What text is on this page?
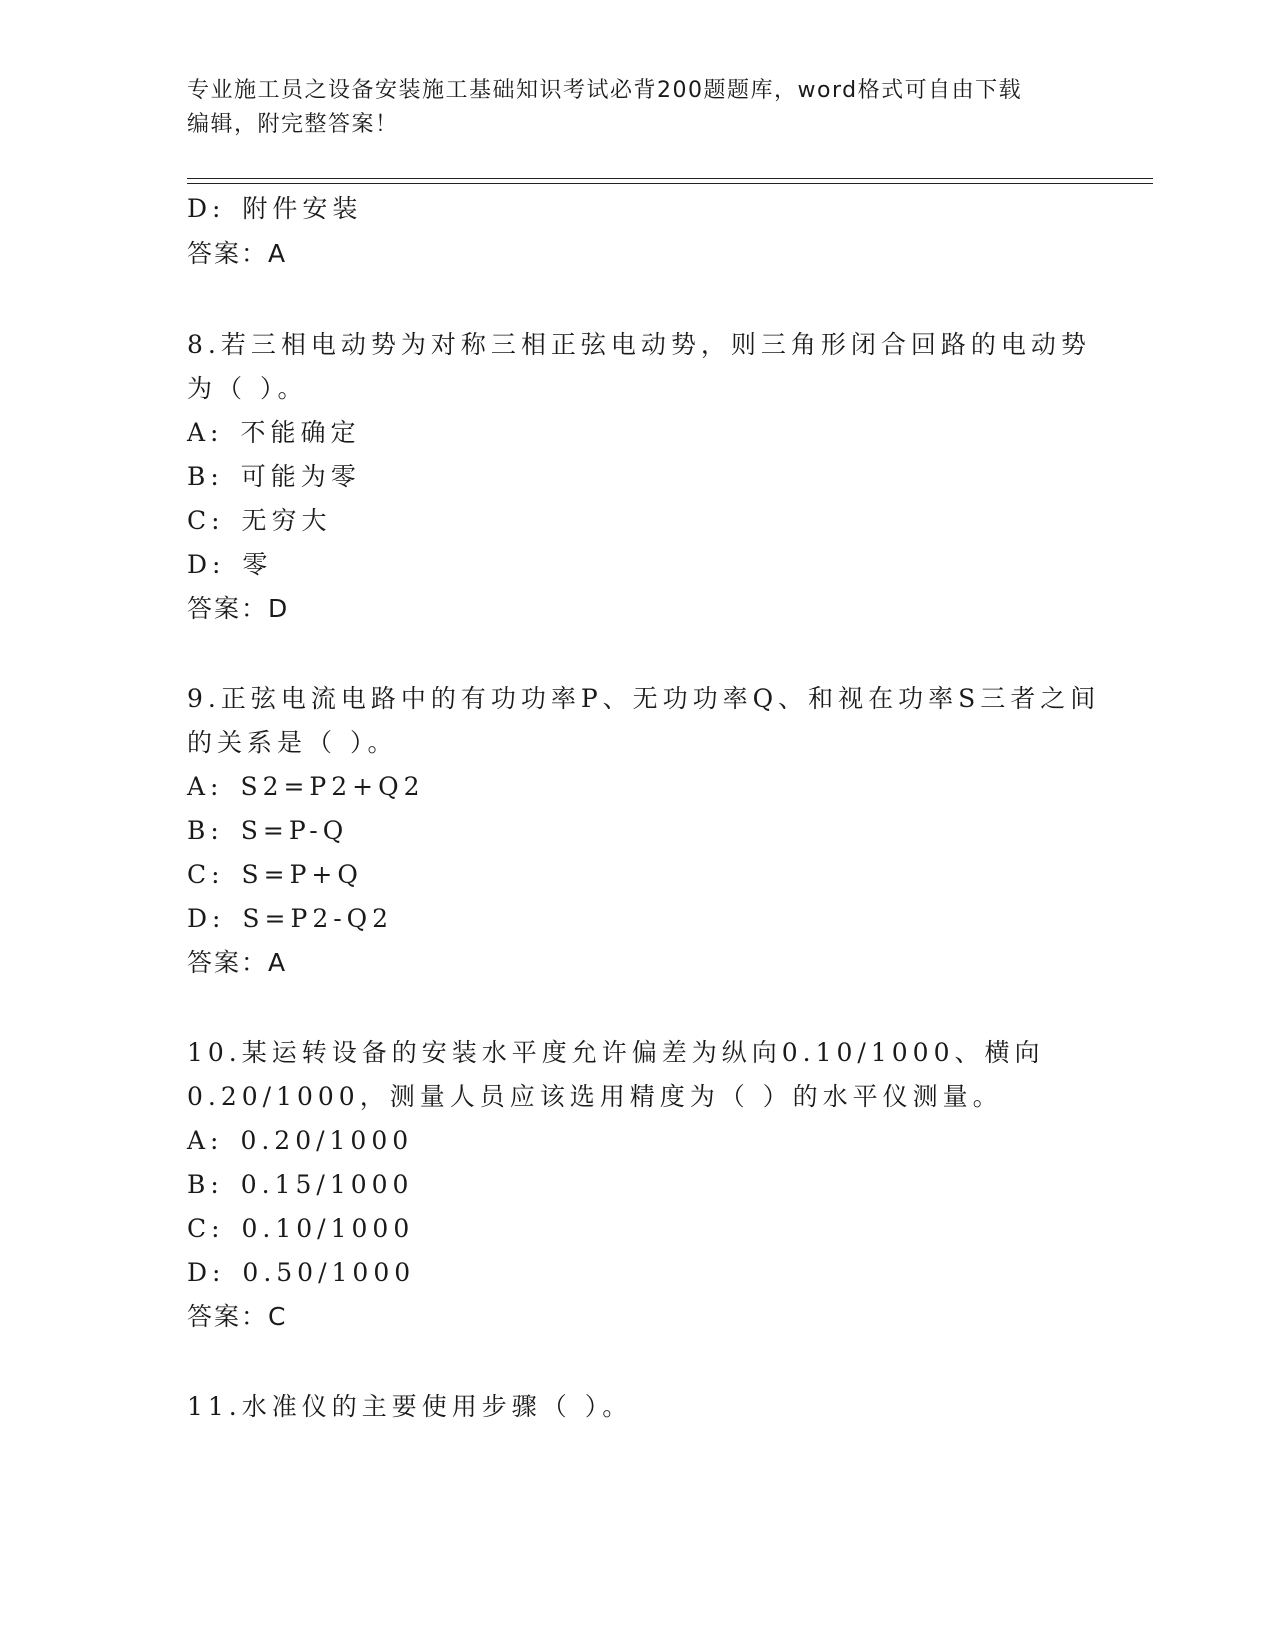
专业施工员之设备安装施工基础知识考试必背200题题库，word格式可自由下载
编辑，附完整答案！
D: 附件安装
答案：A
8.若三相电动势为对称三相正弦电动势，则三角形闭合回路的电动势
为（ ）。
A: 不能确定
B: 可能为零
C: 无穷大
D: 零
答案：D
9.正弦电流电路中的有功功率P、无功功率Q、和视在功率S三者之间
的关系是（ ）。
A: S2=P2+Q2
B: S=P-Q
C: S=P+Q
D: S=P2-Q2
答案：A
10.某运转设备的安装水平度允许偏差为纵向0.10/1000、横向
0.20/1000，测量人员应该选用精度为（ ）的水平仪测量。
A: 0.20/1000
B: 0.15/1000
C: 0.10/1000
D: 0.50/1000
答案：C
11.水准仪的主要使用步骤（ ）。
